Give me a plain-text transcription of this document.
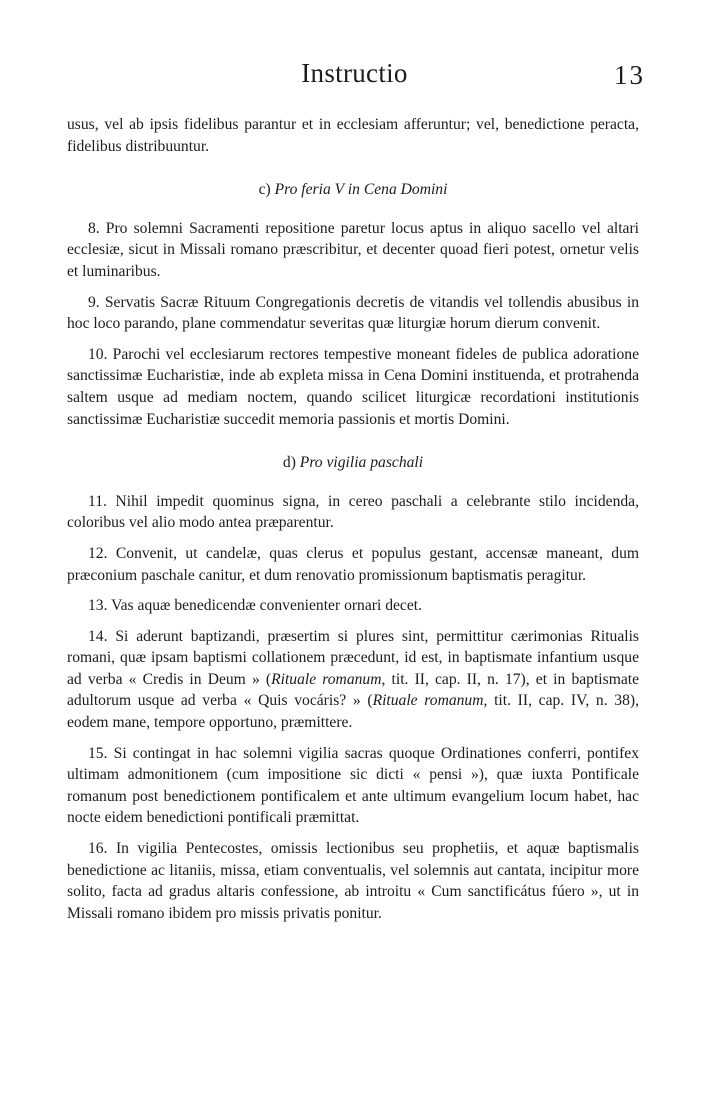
Instructio	13

usus, vel ab ipsis fidelibus parantur et in ecclesiam afferuntur; vel, benedictione peracta, fidelibus distribuuntur.

c) Pro feria V in Cena Domini

8. Pro solemni Sacramenti repositione paretur locus aptus in aliquo sacello vel altari ecclesiæ, sicut in Missali romano præscribitur, et decenter quoad fieri potest, ornetur velis et luminaribus.

9. Servatis Sacræ Rituum Congregationis decretis de vitandis vel tollendis abusibus in hoc loco parando, plane commendatur severitas quæ liturgiæ horum dierum convenit.

10. Parochi vel ecclesiarum rectores tempestive moneant fideles de publica adoratione sanctissimæ Eucharistiæ, inde ab expleta missa in Cena Domini instituenda, et protrahenda saltem usque ad mediam noctem, quando scilicet liturgicæ recordationi institutionis sanctissimæ Eucharistiæ succedit memoria passionis et mortis Domini.

d) Pro vigilia paschali

11. Nihil impedit quominus signa, in cereo paschali a celebrante stilo incidenda, coloribus vel alio modo antea præparentur.

12. Convenit, ut candelæ, quas clerus et populus gestant, accensæ maneant, dum præconium paschale canitur, et dum renovatio promissionum baptismatis peragitur.

13. Vas aquæ benedicendæ convenienter ornari decet.

14. Si aderunt baptizandi, præsertim si plures sint, permittitur cærimonias Ritualis romani, quæ ipsam baptismi collationem præcedunt, id est, in baptismate infantium usque ad verba « Credis in Deum » (Rituale romanum, tit. II, cap. II, n. 17), et in baptismate adultorum usque ad verba « Quis vocáris? » (Rituale romanum, tit. II, cap. IV, n. 38), eodem mane, tempore opportuno, præmittere.

15. Si contingat in hac solemni vigilia sacras quoque Ordinationes conferri, pontifex ultimam admonitionem (cum impositione sic dicti « pensi »), quæ iuxta Pontificale romanum post benedictionem pontificalem et ante ultimum evangelium locum habet, hac nocte eidem benedictioni pontificali præmittat.

16. In vigilia Pentecostes, omissis lectionibus seu prophetiis, et aquæ baptismalis benedictione ac litaniis, missa, etiam conventualis, vel solemnis aut cantata, incipitur more solito, facta ad gradus altaris confessione, ab introitu « Cum sanctificátus fúero », ut in Missali romano ibidem pro missis privatis ponitur.
